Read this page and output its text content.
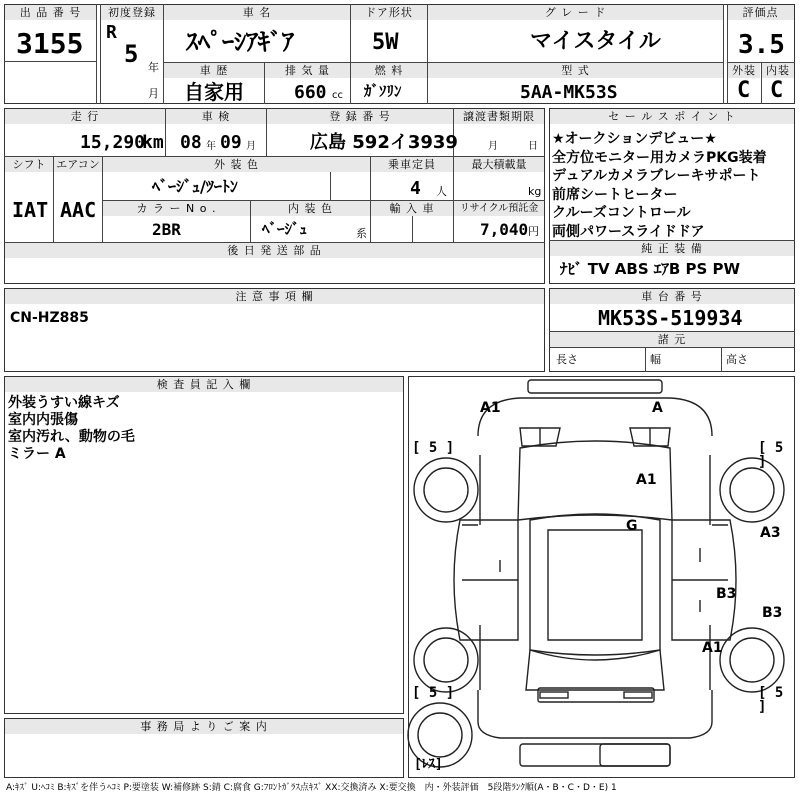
出 品 番 号
3155
初度登録
R
5 年
月
車 名
ｽﾍﾟｰｼｱｷﾞｱ
ドア形状
5W
グ レ ー ド
マイスタイル
評価点
3.5
外装 内装
C C
車 歴
自家用
排 気 量
660 cc
燃 料
ｶﾞｿﾘﾝ
型 式
5AA-MK53S
走 行
15,290
km
車 検
08 年 09 月
登 録 番 号
広島 592イ3939
譲渡書類期限
月	日
シフト
IAT
エアコン
AAC
外 装 色
ﾍﾞｰｼﾞｭ/ﾂｰﾄﾝ
乗車定員
4 人
最大積載量
kg
カ ラ ー N o .
2BR
内 装 色
ﾍﾞｰｼﾞｭ	系
輸 入 車	リサイクル預託金
7,040 円
後 日 発 送 部 品
セ ー ル ス ポ イ ン ト
★オークションデビュー★
全方位モニター用カメラPKG装着
デュアルカメラブレーキサポート
前席シートヒーター
クルーズコントロール
両側パワースライドドア
純 正 装 備
ﾅﾋﾞ TV ABS ｴｱB PS PW
注 意 事 項 欄
CN-HZ885
車 台 番 号
MK53S-519934
諸 元
長さ	幅	高さ
検 査 員 記 入 欄
外装うすい線キズ
室内内張傷
室内汚れ、動物の毛
ミラー A
事 務 局 よ り ご 案 内
A1	A
A1
G	A3
B3
B3
A1
[ 5 ]	[ 5 ]
[ 5 ]	[ 5 ]
[ﾚｽ]
A:ｷｽﾞ U:ﾍｺﾐ B:ｷｽﾞを伴うﾍｺﾐ P:要塗装 W:補修跡 S:錆 C:腐食 G:ﾌﾛﾝﾄｶﾞﾗｽ点ｷｽﾞ XX:交換済み X:要交換　内・外装評価　5段階ﾗﾝｸ順(A・B・C・D・E) 1
